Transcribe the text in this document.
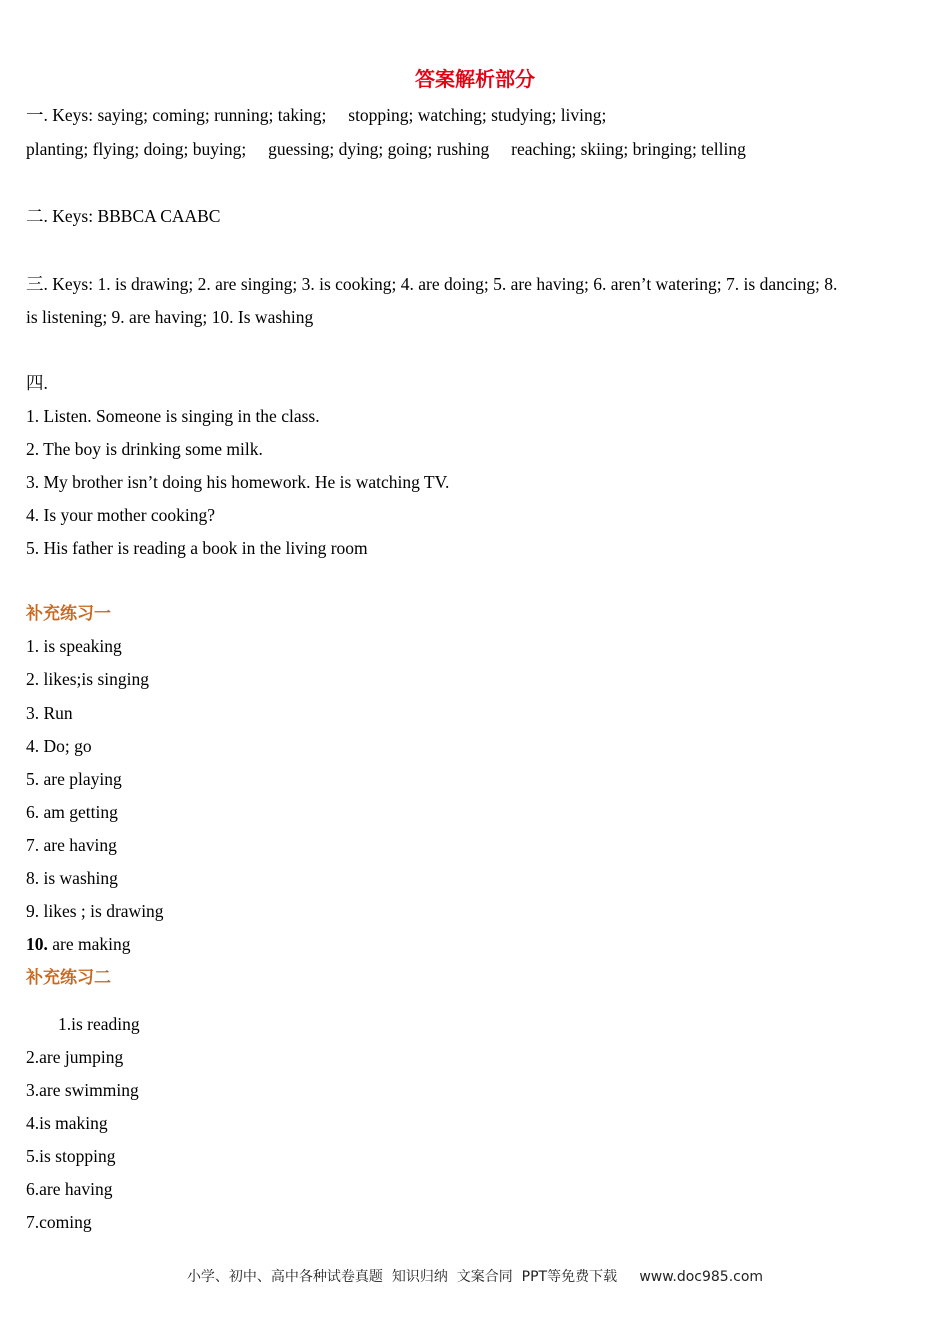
答案解析部分
一. Keys: saying; coming; running; taking;     stopping; watching; studying; living;
planting; flying; doing; buying;     guessing; dying; going; rushing     reaching; skiing; bringing; telling
二. Keys: BBBCA CAABC
三. Keys: 1. is drawing; 2. are singing; 3. is cooking; 4. are doing; 5. are having; 6. aren’t watering; 7. is dancing; 8.
is listening; 9. are having; 10. Is washing
四.
1. Listen. Someone is singing in the class.
2. The boy is drinking some milk.
3. My brother isn’t doing his homework. He is watching TV.
4. Is your mother cooking?
5. His father is reading a book in the living room
补充练习一
1. is speaking
2. likes;is singing
3. Run
4. Do; go
5. are playing
6. am getting
7. are having
8. is washing
9. likes ; is drawing
10. are making
补充练习二
1.is reading
2.are jumping
3.are swimming
4.is making
5.is stopping
6.are having
7.coming
小学、初中、高中各种试卷真题  知识归纳  文案合同  PPT等免费下载     www.doc985.com
